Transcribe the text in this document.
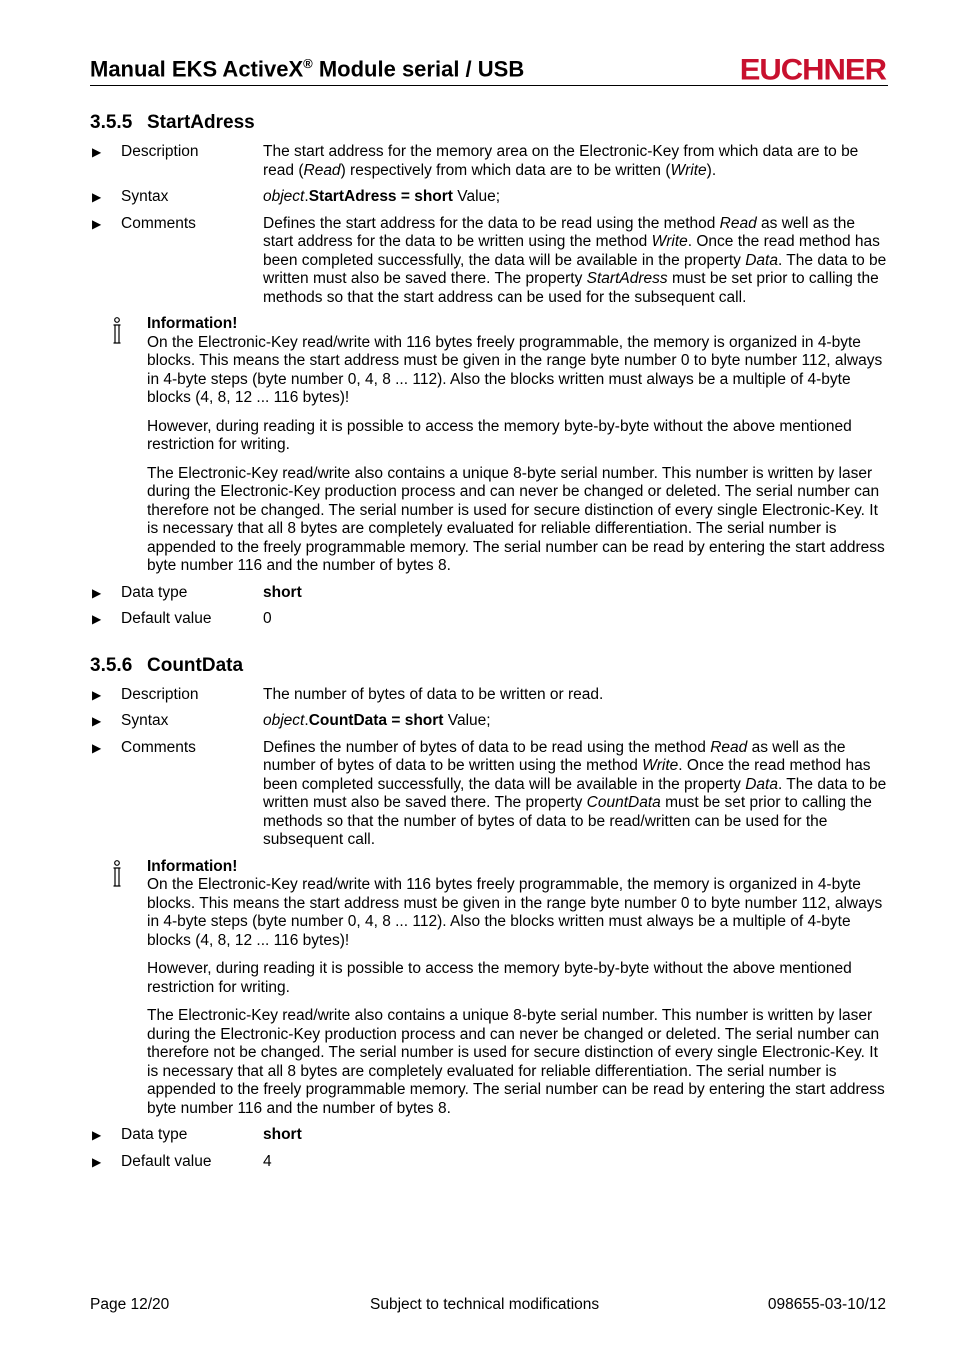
Manual EKS ActiveX® Module serial / USB	EUCHNER
3.5.5 StartAdress
▶	Description	The start address for the memory area on the Electronic-Key from which data are to be read (Read) respectively from which data are to be written (Write).
▶	Syntax	object.StartAdress = short Value;
▶	Comments	Defines the start address for the data to be read using the method Read as well as the start address for the data to be written using the method Write. Once the read method has been completed successfully, the data will be available in the property Data. The data to be written must also be saved there. The property StartAdress must be set prior to calling the methods so that the start address can be used for the subsequent call.
Information!

On the Electronic-Key read/write with 116 bytes freely programmable, the memory is organized in 4-byte blocks. This means the start address must be given in the range byte number 0 to byte number 112, always in 4-byte steps (byte number 0, 4, 8 ... 112). Also the blocks written must always be a multiple of 4-byte blocks (4, 8, 12 ... 116 bytes)!

However, during reading it is possible to access the memory byte-by-byte without the above mentioned restriction for writing.

The Electronic-Key read/write also contains a unique 8-byte serial number. This number is written by laser during the Electronic-Key production process and can never be changed or deleted. The serial number can therefore not be changed. The serial number is used for secure distinction of every single Electronic-Key. It is necessary that all 8 bytes are completely evaluated for reliable differentiation. The serial number is appended to the freely programmable memory. The serial number can be read by entering the start address byte number 116 and the number of bytes 8.

▶	Data type	short
▶	Default value	0
3.5.6 CountData
▶	Description	The number of bytes of data to be written or read.
▶	Syntax	object.CountData = short Value;
▶	Comments	Defines the number of bytes of data to be read using the method Read as well as the number of bytes of data to be written using the method Write. Once the read method has been completed successfully, the data will be available in the property Data. The data to be written must also be saved there. The property CountData must be set prior to calling the methods so that the number of bytes of data to be read/written can be used for the subsequent call.
Information!

On the Electronic-Key read/write with 116 bytes freely programmable, the memory is organized in 4-byte blocks. This means the start address must be given in the range byte number 0 to byte number 112, always in 4-byte steps (byte number 0, 4, 8 ... 112). Also the blocks written must always be a multiple of 4-byte blocks (4, 8, 12 ... 116 bytes)!

However, during reading it is possible to access the memory byte-by-byte without the above mentioned restriction for writing.

The Electronic-Key read/write also contains a unique 8-byte serial number. This number is written by laser during the Electronic-Key production process and can never be changed or deleted. The serial number can therefore not be changed. The serial number is used for secure distinction of every single Electronic-Key. It is necessary that all 8 bytes are completely evaluated for reliable differentiation. The serial number is appended to the freely programmable memory. The serial number can be read by entering the start address byte number 116 and the number of bytes 8.

▶	Data type	short
▶	Default value	4
Page 12/20	Subject to technical modifications	098655-03-10/12
